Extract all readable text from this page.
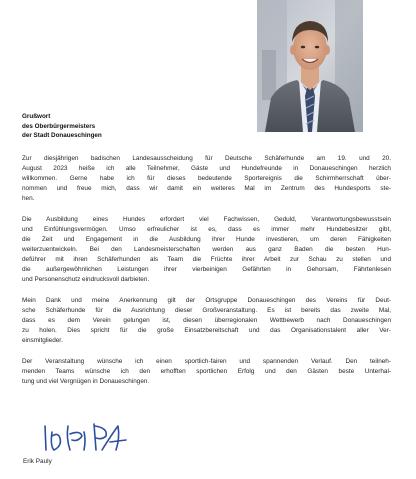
Grußwort
des Oberbürgermeisters
der Stadt Donaueschingen
Zur diesjährigen badischen Landesausscheidung für Deutsche Schäferhunde am 19. und 20.
August 2023 heiße ich alle Teilnehmer, Gäste und Hundefreunde in Donaueschingen herzlich
willkommen. Gerne habe ich für dieses bedeutende Sportereignis die Schirmherrschaft über-
nommen und freue mich, dass wir damit ein weiteres Mal im Zentrum des Hundesports ste-
hen.
Die Ausbildung eines Hundes erfordert viel Fachwissen, Geduld, Verantwortungsbewusstsein
und Einfühlungsvermögen. Umso erfreulicher ist es, dass es immer mehr Hundebesitzer gibt,
die Zeit und Engagement in die Ausbildung ihrer Hunde investieren, um deren Fähigkeiten
weiterzuentwickeln. Bei den Landesmeisterschaften werden aus ganz Baden die besten Hun-
deführer mit ihren Schäferhunden als Team die Früchte ihrer Arbeit zur Schau zu stellen und
die außergewöhnlichen Leistungen ihrer vierbeinigen Gefährten in Gehorsam, Fährtenlesen
und Personenschutz eindrucksvoll darbieten.
Mein Dank und meine Anerkennung gilt der Ortsgruppe Donaueschingen des Vereins für Deut-
sche Schäferhunde für die Ausrichtung dieser Großveranstaltung. Es ist bereits das zweite Mal,
dass es dem Verein gelungen ist, diesen überregionalen Wettbewerb nach Donaueschingen
zu holen. Dies spricht für die große Einsatzbereitschaft und das Organisationstalent aller Ver-
einsmitglieder.
Der Veranstaltung wünsche ich einen sportlich-fairen und spannenden Verlauf. Den teilneh-
menden Teams wünsche ich den erhofften sportlichen Erfolg und den Gästen beste Unterhal-
tung und viel Vergnügen in Donaueschingen.
Erik Pauly
